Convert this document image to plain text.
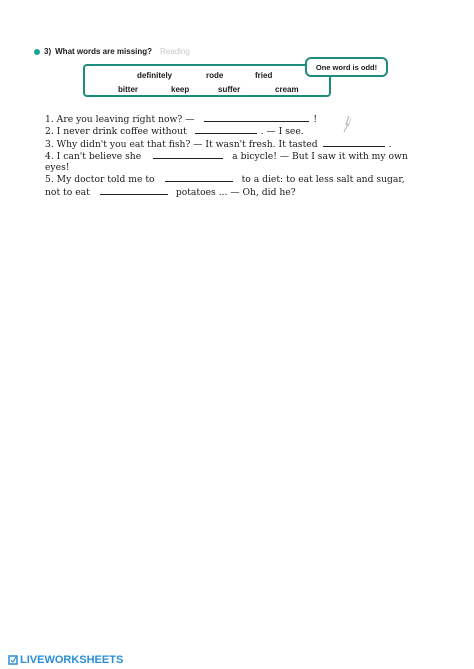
3) What words are missing? Reading
definitely	rode	fried
bitter	keep	suffer	cream
One word is odd!
1. Are you leaving right now? —	!
2. I never drink coffee without	. — I see.
3. Why didn't you eat that fish? — It wasn't fresh. It tasted	.
4. I can't believe she	a bicycle! — But I saw it with my own
eyes!
5. My doctor told me to	to a diet: to eat less salt and sugar,
not to eat	potatoes ... — Oh, did he?
LIVEWORKSHEETS
